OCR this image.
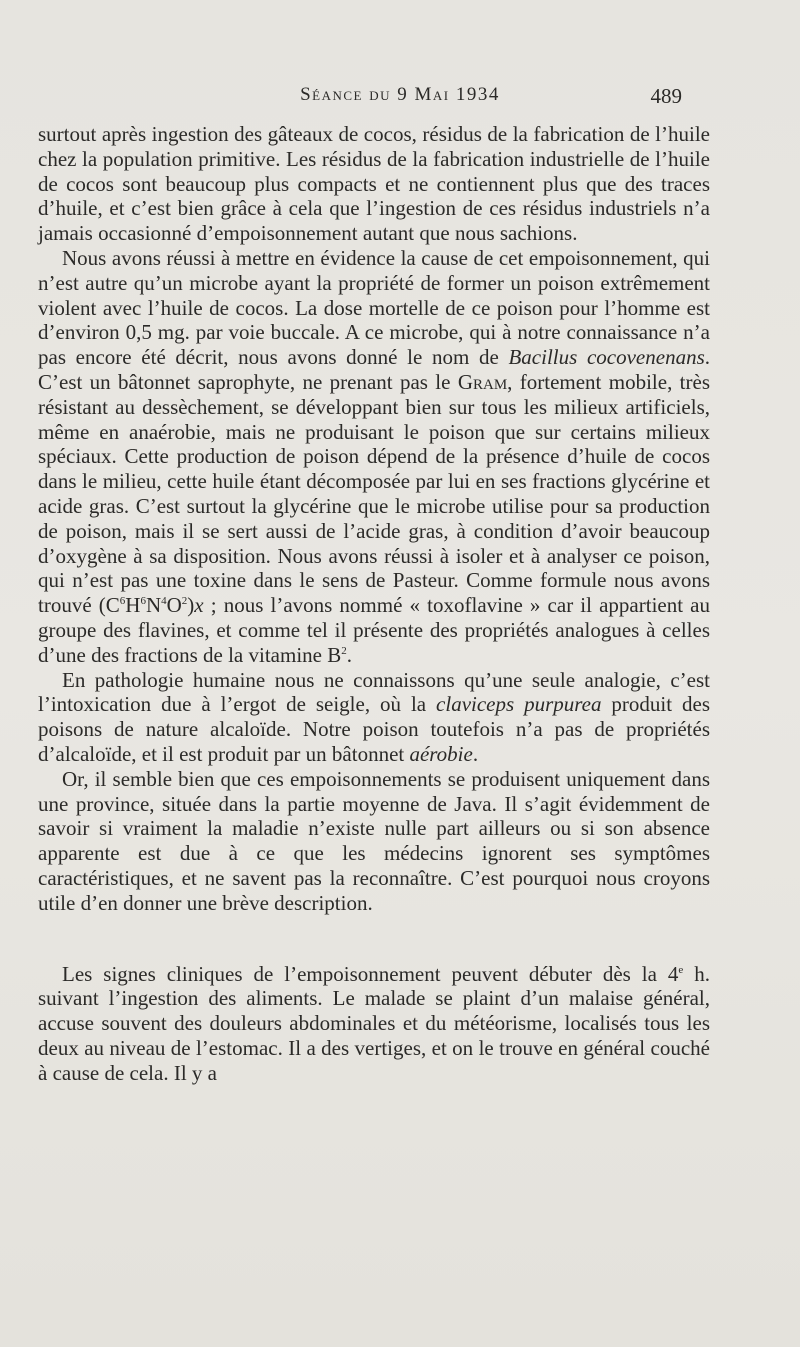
Séance du 9 Mai 1934	489

surtout après ingestion des gâteaux de cocos, résidus de la fabrication de l’huile chez la population primitive. Les résidus de la fabrication industrielle de l’huile de cocos sont beaucoup plus compacts et ne contiennent plus que des traces d’huile, et c’est bien grâce à cela que l’ingestion de ces résidus industriels n’a jamais occasionné d’empoisonnement autant que nous sachions.

Nous avons réussi à mettre en évidence la cause de cet empoisonnement, qui n’est autre qu’un microbe ayant la propriété de former un poison extrêmement violent avec l’huile de cocos. La dose mortelle de ce poison pour l’homme est d’environ 0,5 mg. par voie buccale. A ce microbe, qui à notre connaissance n’a pas encore été décrit, nous avons donné le nom de Bacillus cocovenenans. C’est un bâtonnet saprophyte, ne prenant pas le Gram, fortement mobile, très résistant au dessèchement, se développant bien sur tous les milieux artificiels, même en anaérobie, mais ne produisant le poison que sur certains milieux spéciaux. Cette production de poison dépend de la présence d’huile de cocos dans le milieu, cette huile étant décomposée par lui en ses fractions glycérine et acide gras. C’est surtout la glycérine que le microbe utilise pour sa production de poison, mais il se sert aussi de l’acide gras, à condition d’avoir beaucoup d’oxygène à sa disposition. Nous avons réussi à isoler et à analyser ce poison, qui n’est pas une toxine dans le sens de Pasteur. Comme formule nous avons trouvé $(C^6H^6N^4O^2)x$ ; nous l’avons nommé « toxoflavine » car il appartient au groupe des flavines, et comme tel il présente des propriétés analogues à celles d’une des fractions de la vitamine $B^2$.

En pathologie humaine nous ne connaissons qu’une seule analogie, c’est l’intoxication due à l’ergot de seigle, où la claviceps purpurea produit des poisons de nature alcaloïde. Notre poison toutefois n’a pas de propriétés d’alcaloïde, et il est produit par un bâtonnet aérobie.

Or, il semble bien que ces empoisonnements se produisent uniquement dans une province, située dans la partie moyenne de Java. Il s’agit évidemment de savoir si vraiment la maladie n’existe nulle part ailleurs ou si son absence apparente est due à ce que les médecins ignorent ses symptômes caractéristiques, et ne savent pas la reconnaître. C’est pourquoi nous croyons utile d’en donner une brève description.

Les signes cliniques de l’empoisonnement peuvent débuter dès la 4e h. suivant l’ingestion des aliments. Le malade se plaint d’un malaise général, accuse souvent des douleurs abdominales et du météorisme, localisés tous les deux au niveau de l’estomac. Il a des vertiges, et on le trouve en général couché à cause de cela. Il y a
